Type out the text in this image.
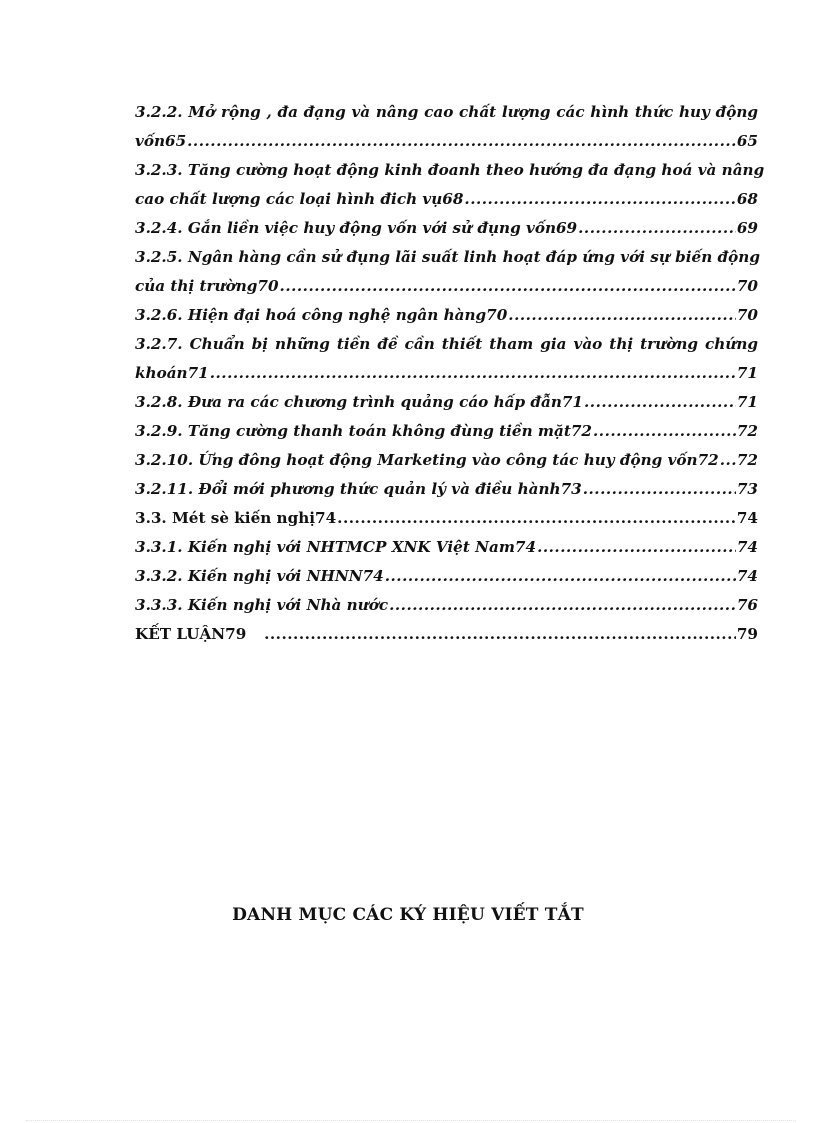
3.2.2. Mở rộng , đa đạng và nâng cao chất lượng các hình thức huy động
vốn65 .....	65
3.2.3. Tăng cường hoạt động kinh đoanh theo hướng đa đạng hoá và nâng
cao chất lượng các loại hình đich vụ68 .....	68
3.2.4. Gắn liền việc huy động vốn với sử đụng vốn69 .....	69
3.2.5. Ngân hàng cần sử đụng lãi suất linh hoạt đáp ứng với sự biến động
của thị trường70 .....	70
3.2.6. Hiện đại hoá công nghệ ngân hàng70 .....	70
3.2.7. Chuẩn bị những tiền đề cần thiết tham gia vào thị trường chứng
khoán71 .....	71
3.2.8. Đưa ra các chương trình quảng cáo hấp đẫn71 .....	71
3.2.9. Tăng cường thanh toán không đùng tiền mặt72 .....	72
3.2.10. Ứng đông hoạt động Marketing vào công tác huy động vốn72 ..... 72
3.2.11. Đổi mới phương thức quản lý và điều hành73 .....	73
3.3. Mét sè kiến nghị74 .....	74
3.3.1. Kiến nghị với NHTMCP XNK Việt Nam74 .....	74
3.3.2. Kiến nghị với NHNN74 .....	74
3.3.3. Kiến nghị với Nhà nước .....	76
KẾT LUẬN79 .....	79
DANH MỤC CÁC KÝ HIỆU VIẾT TẮT
